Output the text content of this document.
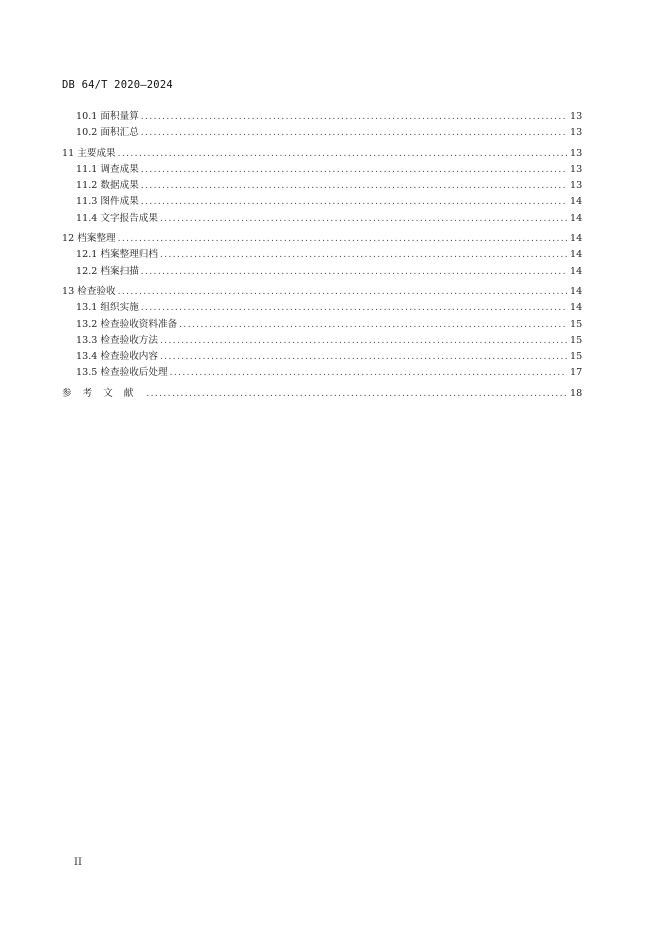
DB 64/T 2020—2024
10.1 面积量算 .....	13
10.2 面积汇总 .....	13
11 主要成果 .....	13
11.1 调查成果 .....	13
11.2 数据成果 .....	13
11.3 图件成果 .....	14
11.4 文字报告成果 .....	14
12 档案整理 .....	14
12.1 档案整理归档 .....	14
12.2 档案扫描 .....	14
13 检查验收 .....	14
13.1 组织实施 .....	14
13.2 检查验收资料准备 .....	15
13.3 检查验收方法 .....	15
13.4 检查验收内容 .....	15
13.5 检查验收后处理 .....	17
参考文献 .....	18
II
